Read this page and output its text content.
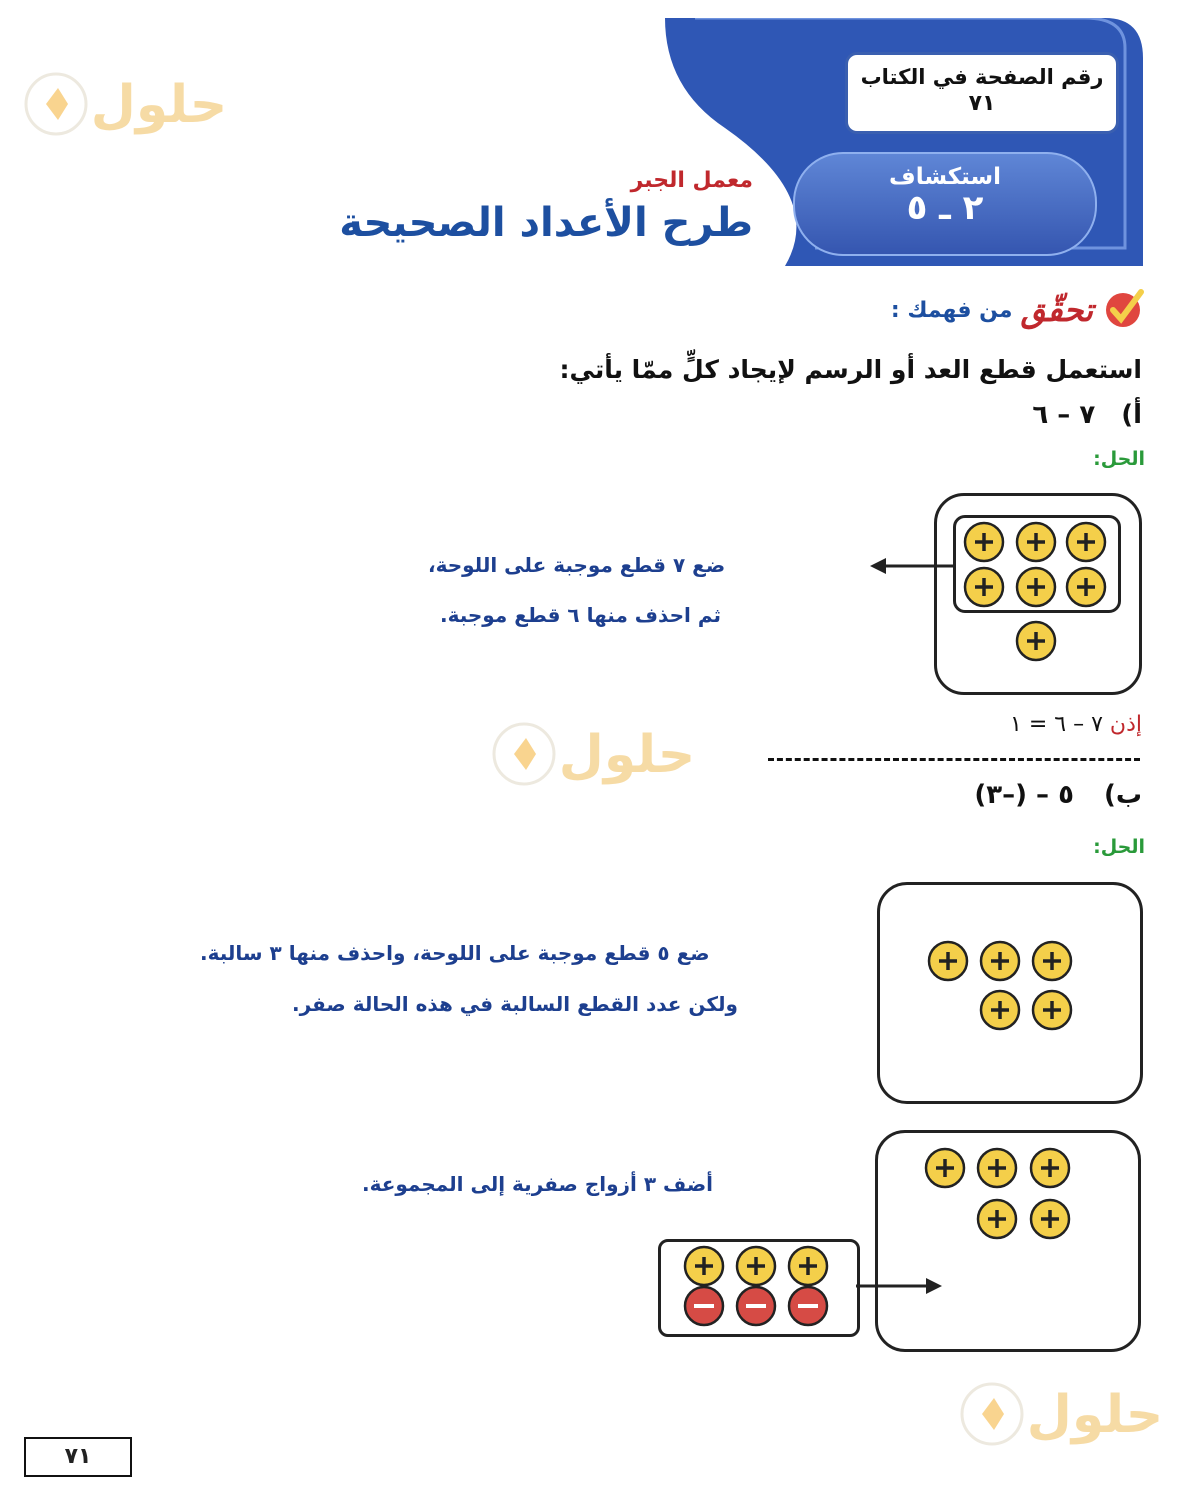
حلول
حلول
حلول
رقم الصفحة في الكتاب
٧١
استكشاف
٢ ـ ٥
معمل الجبر
طرح الأعداد الصحيحة
تحقّق
من فهمك :
استعمل قطع العد أو الرسم لإيجاد كلٍّ ممّا يأتي:
أ)
٧ – ٦
الحل:
ضع ٧ قطع موجبة على اللوحة،
ثم احذف منها ٦ قطع موجبة.
إذن ٧ – ٦ = ١
ب)
٥ – (–٣)
الحل:
ضع ٥ قطع موجبة على اللوحة، واحذف منها ٣ سالبة.
ولكن عدد القطع السالبة في هذه الحالة صفر.
أضف ٣ أزواج صفرية إلى المجموعة.
٧١
